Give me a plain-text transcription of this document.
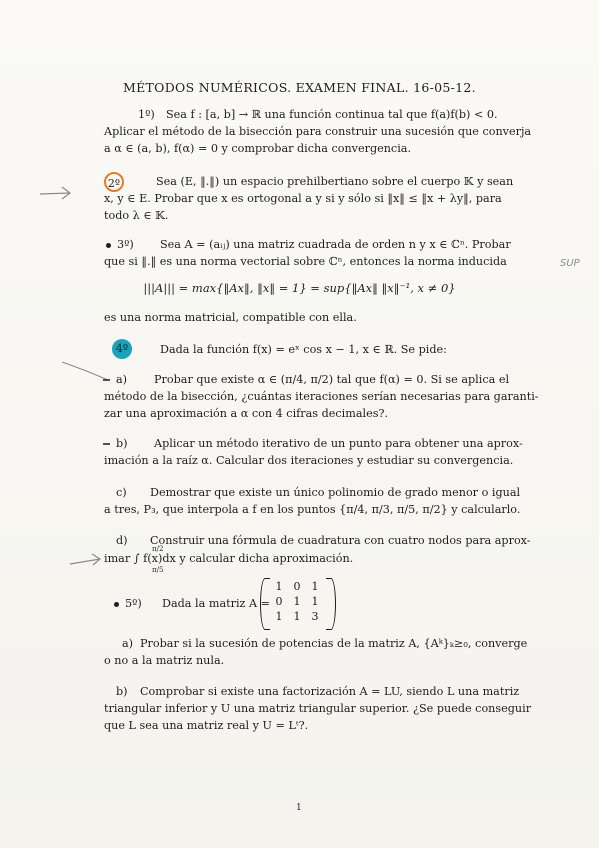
MÉTODOS NUMÉRICOS. EXAMEN FINAL. 16-05-12.
1º) Sea f : [a, b] → ℝ una función continua tal que f(a)f(b) < 0.
Aplicar el método de la bisección para construir una sucesión que converja
a α ∈ (a, b), f(α) = 0 y comprobar dicha convergencia.
2º	Sea (E, ‖.‖) un espacio prehilbertiano sobre el cuerpo 𝕂 y sean
x, y ∈ E. Probar que x es ortogonal a y si y sólo si ‖x‖ ≤ ‖x + λy‖, para
todo λ ∈ 𝕂.
3º) Sea A = (aᵢⱼ) una matriz cuadrada de orden n y x ∈ ℂⁿ. Probar
que si ‖.‖ es una norma vectorial sobre ℂⁿ, entonces la norma inducida
|||A||| = max{‖Ax‖, ‖x‖ = 1} = sup{‖Ax‖ ‖x‖⁻¹, x ≠ 0}
es una norma matricial, compatible con ella.
SUP
4º	Dada la función f(x) = eˣ cos x − 1, x ∈ ℝ. Se pide:
a) Probar que existe α ∈ (π/4, π/2) tal que f(α) = 0. Si se aplica el
método de la bisección, ¿cuántas iteraciones serían necesarias para garanti-
zar una aproximación a α con 4 cifras decimales?.
b) Aplicar un método iterativo de un punto para obtener una aprox-
imación a la raíz α. Calcular dos iteraciones y estudiar su convergencia.
c) Demostrar que existe un único polinomio de grado menor o igual
a tres, P₃, que interpola a f en los puntos {π/4, π/3, π/5, π/2} y calcularlo.
d) Construir una fórmula de cuadratura con cuatro nodos para aprox-
imar ∫ f(x)dx y calcular dicha aproximación.
π/2
π/5
5º) Dada la matriz A =
1	0	1
0	1	1
1	1	3
a) Probar si la sucesión de potencias de la matriz A, {Aᵏ}ₖ≥₀, converge
o no a la matriz nula.
b) Comprobar si existe una factorización A = LU, siendo L una matriz
triangular inferior y U una matriz triangular superior. ¿Se puede conseguir
que L sea una matriz real y U = Lᵗ?.
1
